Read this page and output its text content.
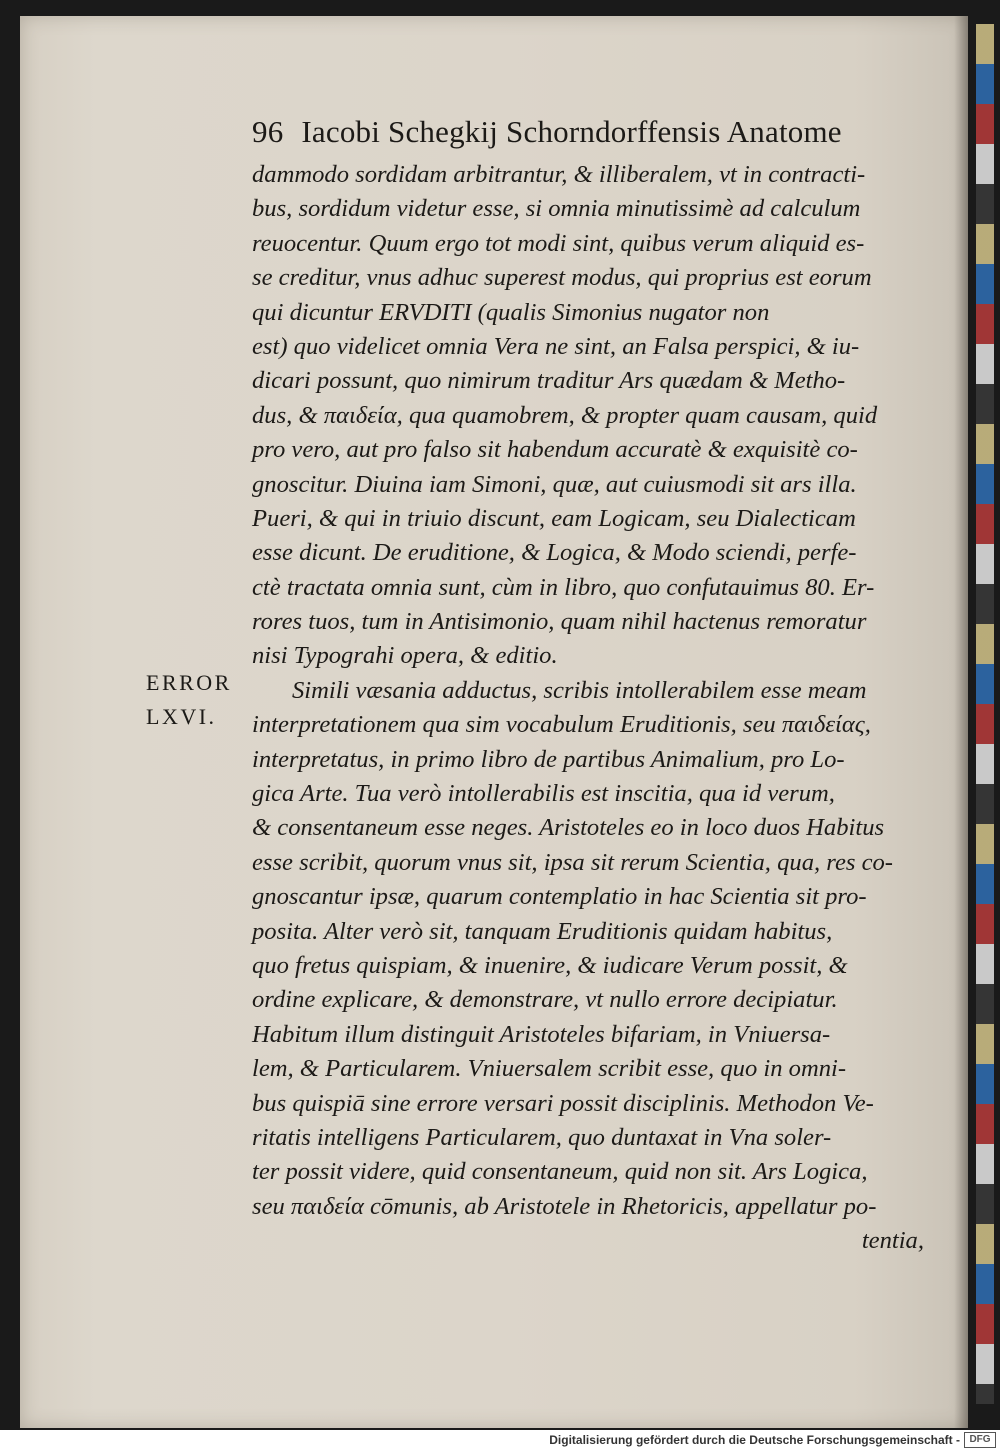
96 Iacobi Schegkij Schorndorffensis Anatome
ERROR
LXVI.
dammodo sordidam arbitrantur, & illiberalem, vt in contracti-
bus, sordidum videtur esse, si omnia minutissimè ad calculum
reuocentur. Quum ergo tot modi sint, quibus verum aliquid es-
se creditur, vnus adhuc superest modus, qui proprius est eorum
qui dicuntur ERVDITI (qualis Simonius nugator non
est) quo videlicet omnia Vera ne sint, an Falsa perspici, & iu-
dicari possunt, quo nimirum traditur Ars quædam & Metho-
dus, & παιδεία, qua quamobrem, & propter quam causam, quid
pro vero, aut pro falso sit habendum accuratè & exquisitè co-
gnoscitur. Diuina iam Simoni, quæ, aut cuiusmodi sit ars illa.
Pueri, & qui in triuio discunt, eam Logicam, seu Dialecticam
esse dicunt. De eruditione, & Logica, & Modo sciendi, perfe-
ctè tractata omnia sunt, cùm in libro, quo confutauimus 80. Er-
rores tuos, tum in Antisimonio, quam nihil hactenus remoratur
nisi Typograhi opera, & editio.
Simili væsania adductus, scribis intollerabilem esse meam
interpretationem qua sim vocabulum Eruditionis, seu παιδείας,
interpretatus, in primo libro de partibus Animalium, pro Lo-
gica Arte. Tua verò intollerabilis est inscitia, qua id verum,
& consentaneum esse neges. Aristoteles eo in loco duos Habitus
esse scribit, quorum vnus sit, ipsa sit rerum Scientia, qua, res co-
gnoscantur ipsæ, quarum contemplatio in hac Scientia sit pro-
posita. Alter verò sit, tanquam Eruditionis quidam habitus,
quo fretus quispiam, & inuenire, & iudicare Verum possit, &
ordine explicare, & demonstrare, vt nullo errore decipiatur.
Habitum illum distinguit Aristoteles bifariam, in Vniuersa-
lem, & Particularem. Vniuersalem scribit esse, quo in omni-
bus quispiā sine errore versari possit disciplinis. Methodon Ve-
ritatis intelligens Particularem, quo duntaxat in Vna soler-
ter possit videre, quid consentaneum, quid non sit. Ars Logica,
seu παιδεία cōmunis, ab Aristotele in Rhetoricis, appellatur po-
tentia,
Digitalisierung gefördert durch die Deutsche Forschungsgemeinschaft - DFG
